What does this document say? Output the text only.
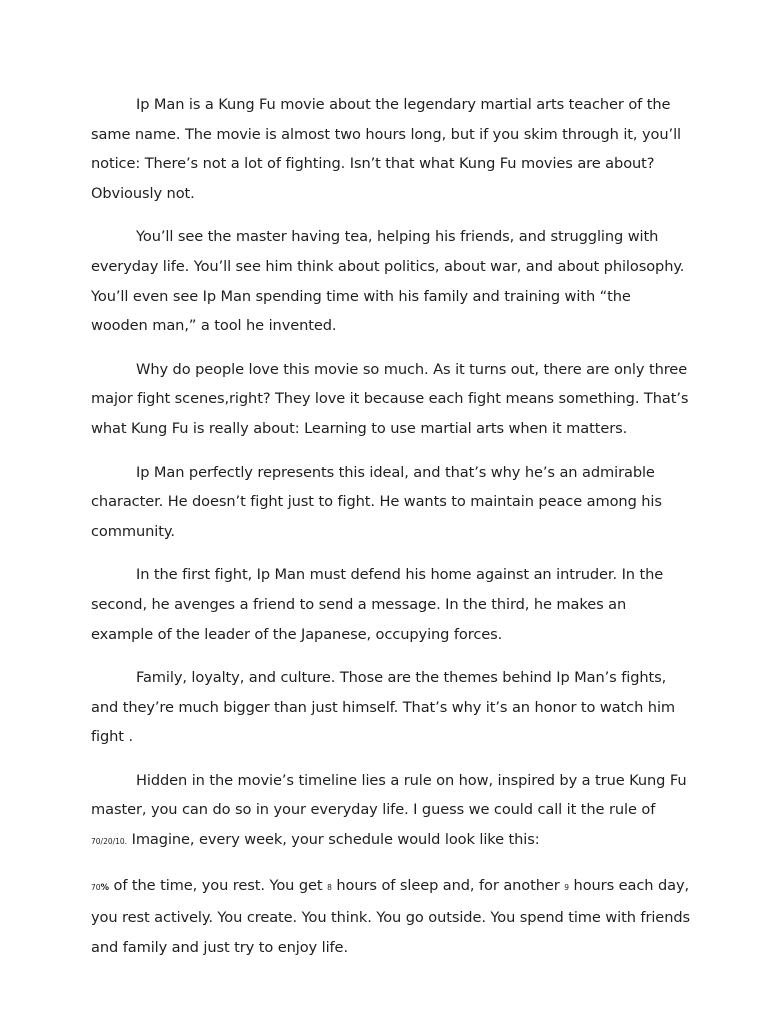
Ip Man is a Kung Fu movie about the legendary martial arts teacher of the same name. The movie is almost two hours long, but if you skim through it, you’ll notice: There’s not a lot of fighting. Isn’t that what Kung Fu movies are about? Obviously not.

You’ll see the master having tea, helping his friends, and struggling with everyday life. You’ll see him think about politics, about war, and about philosophy. You’ll even see Ip Man spending time with his family and training with “the wooden man,” a tool he invented.

Why do people love this movie so much. As it turns out, there are only three major fight scenes,right? They love it because each fight means something. That’s what Kung Fu is really about: Learning to use martial arts when it matters.

Ip Man perfectly represents this ideal, and that’s why he’s an admirable character. He doesn’t fight just to fight. He wants to maintain peace among his community.

In the first fight, Ip Man must defend his home against an intruder. In the second, he avenges a friend to send a message. In the third, he makes an example of the leader of the Japanese, occupying forces.

Family, loyalty, and culture. Those are the themes behind Ip Man’s fights, and they’re much bigger than just himself. That’s why it’s an honor to watch him fight .

Hidden in the movie’s timeline lies a rule on how, inspired by a true Kung Fu master, you can do so in your everyday life. I guess we could call it the rule of 70/20/10. Imagine, every week, your schedule would look like this:

70% of the time, you rest. You get 8 hours of sleep and, for another 9 hours each day, you rest actively. You create. You think. You go outside. You spend time with friends and family and just try to enjoy life.
